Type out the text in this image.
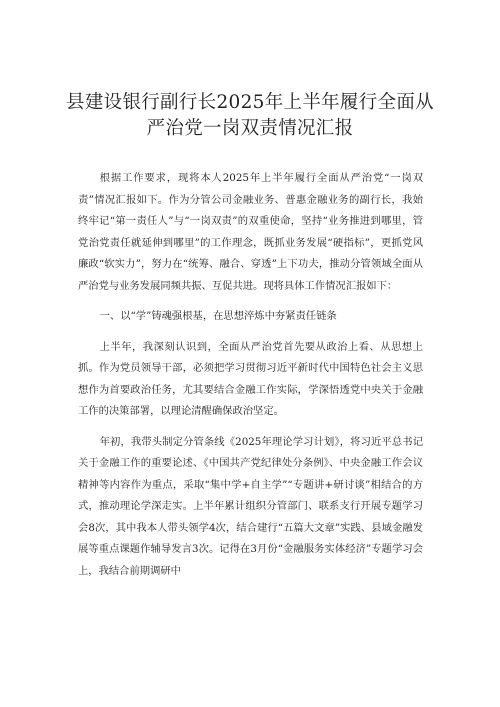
县建设银行副行长2025年上半年履行全面从
严治党一岗双责情况汇报

根据工作要求，现将本人2025年上半年履行全面从严治党“一岗双责”情况汇报如下。作为分管公司金融业务、普惠金融业务的副行长，我始终牢记“第一责任人”与“一岗双责”的双重使命，坚持“业务推进到哪里，管党治党责任就延伸到哪里”的工作理念，既抓业务发展“硬指标”，更抓党风廉政“软实力”，努力在“统筹、融合、穿透”上下功夫，推动分管领域全面从严治党与业务发展同频共振、互促共进。现将具体工作情况汇报如下：

一、以“学”铸魂强根基，在思想淬炼中夯紧责任链条

上半年，我深刻认识到，全面从严治党首先要从政治上看、从思想上抓。作为党员领导干部，必须把学习贯彻习近平新时代中国特色社会主义思想作为首要政治任务，尤其要结合金融工作实际，学深悟透党中央关于金融工作的决策部署，以理论清醒确保政治坚定。

年初，我带头制定分管条线《2025年理论学习计划》，将习近平总书记关于金融工作的重要论述、《中国共产党纪律处分条例》、中央金融工作会议精神等内容作为重点，采取“集中学+自主学”“专题讲+研讨谈”相结合的方式，推动理论学深走实。上半年累计组织分管部门、联系支行开展专题学习会8次，其中我本人带头领学4次，结合建行“五篇大文章”实践、县域金融发展等重点课题作辅导发言3次。记得在3月份“金融服务实体经济”专题学习会上，我结合前期调研中
